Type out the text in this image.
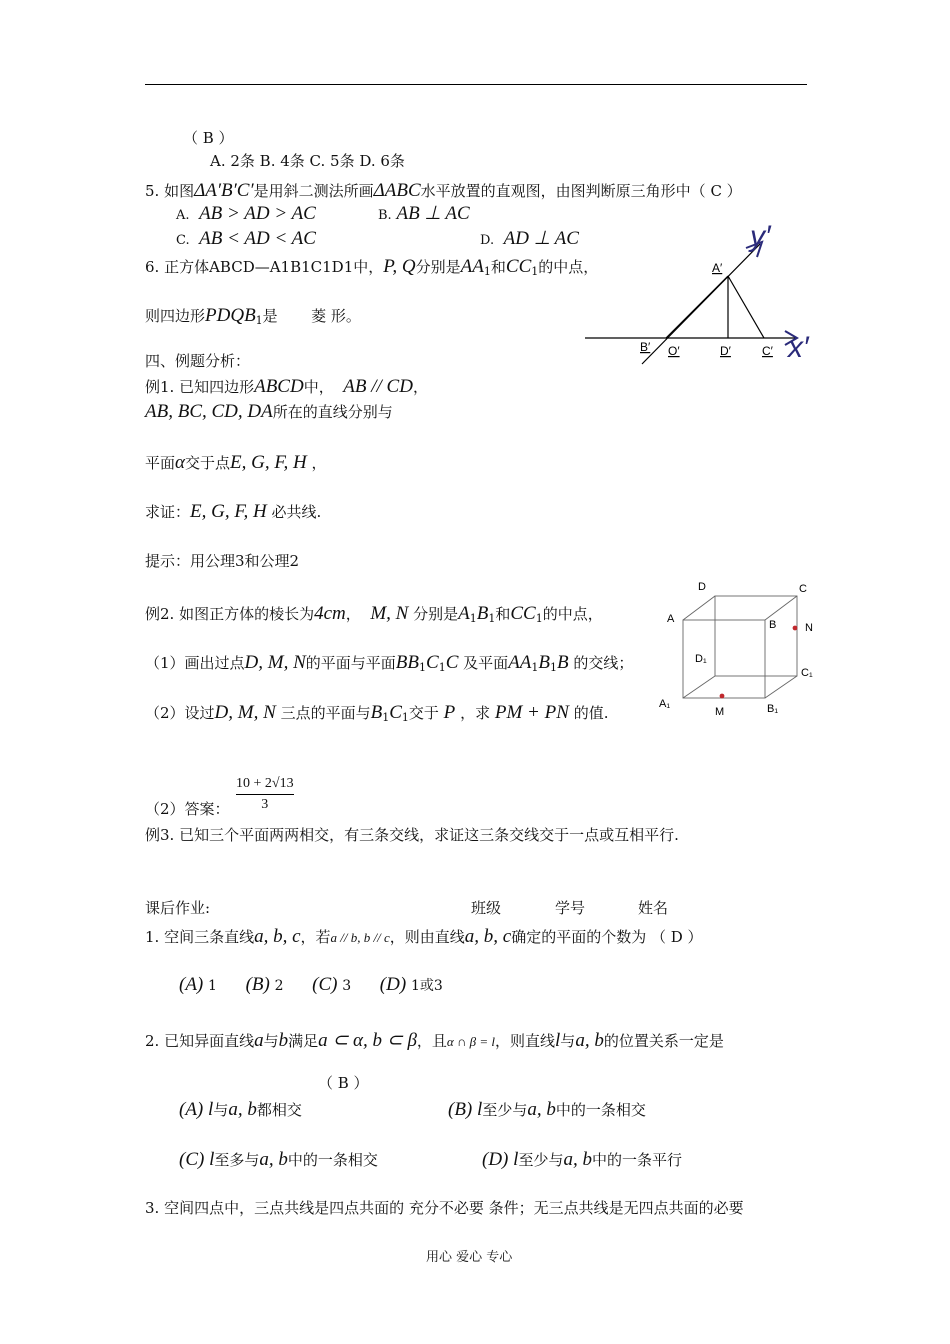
（ B ）
A. 2条 B. 4条 C. 5条 D. 6条
5. 如图ΔA′B′C′是用斜二测法所画ΔABC水平放置的直观图，由图判断原三角形中（ C ）
A. AB > AD > AC	B. AB ⊥ AC
C. AB < AD < AC	D. AD ⊥ AC
6. 正方体ABCD—A1B1C1D1中，P, Q分别是$AA_1$和$CC_1$的中点，
则四边形$PDQB_1$是 菱 形。
y′
x′
A′
B′ O′	D′	C′
四、例题分析：
例1. 已知四边形ABCD中， AB // CD，
AB, BC, CD, DA所在的直线分别与
平面α交于点E, G, F, H ，
求证：E, G, F, H 必共线.
提示：用公理3和公理2
例2. 如图正方体的棱长为4cm， M, N 分别是$A_1B_1$和$CC_1$的中点，
（1）画出过点D, M, N的平面与平面$BB_1C_1C$ 及平面$AA_1B_1B$ 的交线；
（2）设过D, M, N 三点的平面与$B_1C_1$交于 P ，求 PM + PN 的值.
（2）答案：
10 + 2√13
3
D	C
A	B	N
D₁
C₁
A₁
M	B₁
例3. 已知三个平面两两相交，有三条交线，求证这三条交线交于一点或互相平行.
课后作业:	班级	学号	姓名
1. 空间三条直线a, b, c，若a // b, b // c，则由直线a, b, c确定的平面的个数为 （ D ）
(A) 1 (B) 2 (C) 3 (D) 1或3
2. 已知异面直线a与b满足a ⊂ α, b ⊂ β，且α ∩ β = l，则直线l与a, b的位置关系一定是
（ B ）
(A) l与a, b都相交	(B) l至少与a, b中的一条相交
(C) l至多与a, b中的一条相交	(D) l至少与a, b中的一条平行
3. 空间四点中，三点共线是四点共面的 充分不必要 条件；无三点共线是无四点共面的必要
用心 爱心 专心
